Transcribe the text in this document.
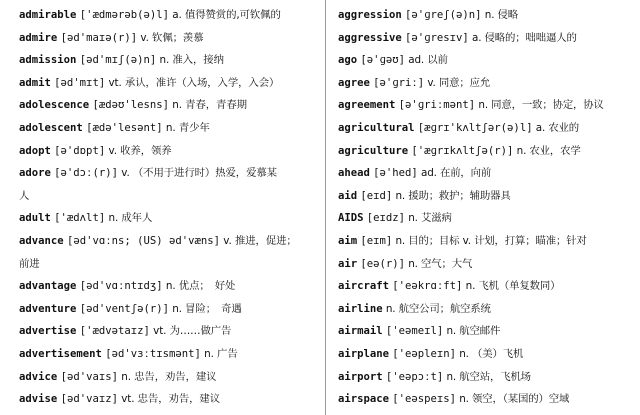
admirable ['ædmərəb(ə)l] a. 值得赞赏的,可钦佩的
admire [əd'maɪə(r)] v. 钦佩；羡慕
admission [əd'mɪʃ(ə)n] n. 准入，接纳
admit [əd'mɪt] vt. 承认，准许（入场，入学，入会）
adolescence [ædəʊ'lesns] n. 青春，青春期
adolescent [ædə'lesənt] n. 青少年
adopt [ə'dɒpt] v. 收养，领养
adore [ə'dɔː(r)] v. （不用于进行时）热爱，爱慕某
人
adult ['ædʌlt] n. 成年人
advance [əd'vɑːns; (US) əd'væns] v. 推进，促进；
前进
advantage [əd'vɑːntɪdʒ] n. 优点；　好处
adventure [əd'ventʃə(r)] n. 冒险；　奇遇
advertise ['ædvətaɪz] vt. 为……做广告
advertisement [əd'vɜːtɪsmənt] n. 广告
advice [əd'vaɪs] n. 忠告，劝告，建议
advise [əd'vaɪz] vt. 忠告，劝告，建议
aggression [ə'ɡreʃ(ə)n] n. 侵略
aggressive [ə'ɡresɪv] a. 侵略的；咄咄逼人的
ago [ə'ɡəʊ] ad. 以前
agree [ə'ɡriː] v. 同意；应允
agreement [ə'ɡriːmənt] n. 同意，一致；协定，协议
agricultural [æɡrɪ'kʌltʃər(ə)l] a. 农业的
agriculture ['æɡrɪkʌltʃə(r)] n. 农业，农学
ahead [ə'hed] ad. 在前，向前
aid [eɪd] n. 援助；救护；辅助器具
AIDS [eɪdz] n. 艾滋病
aim [eɪm] n. 目的；目标 v. 计划，打算；瞄准；针对
air [eə(r)] n. 空气；大气
aircraft ['eəkrɑːft] n. 飞机（单复数同）
airline n. 航空公司；航空系统
airmail ['eəmeɪl] n. 航空邮件
airplane ['eəpleɪn] n. （美）飞机
airport ['eəpɔːt] n. 航空站，飞机场
airspace ['eəspeɪs] n. 领空，（某国的）空域
